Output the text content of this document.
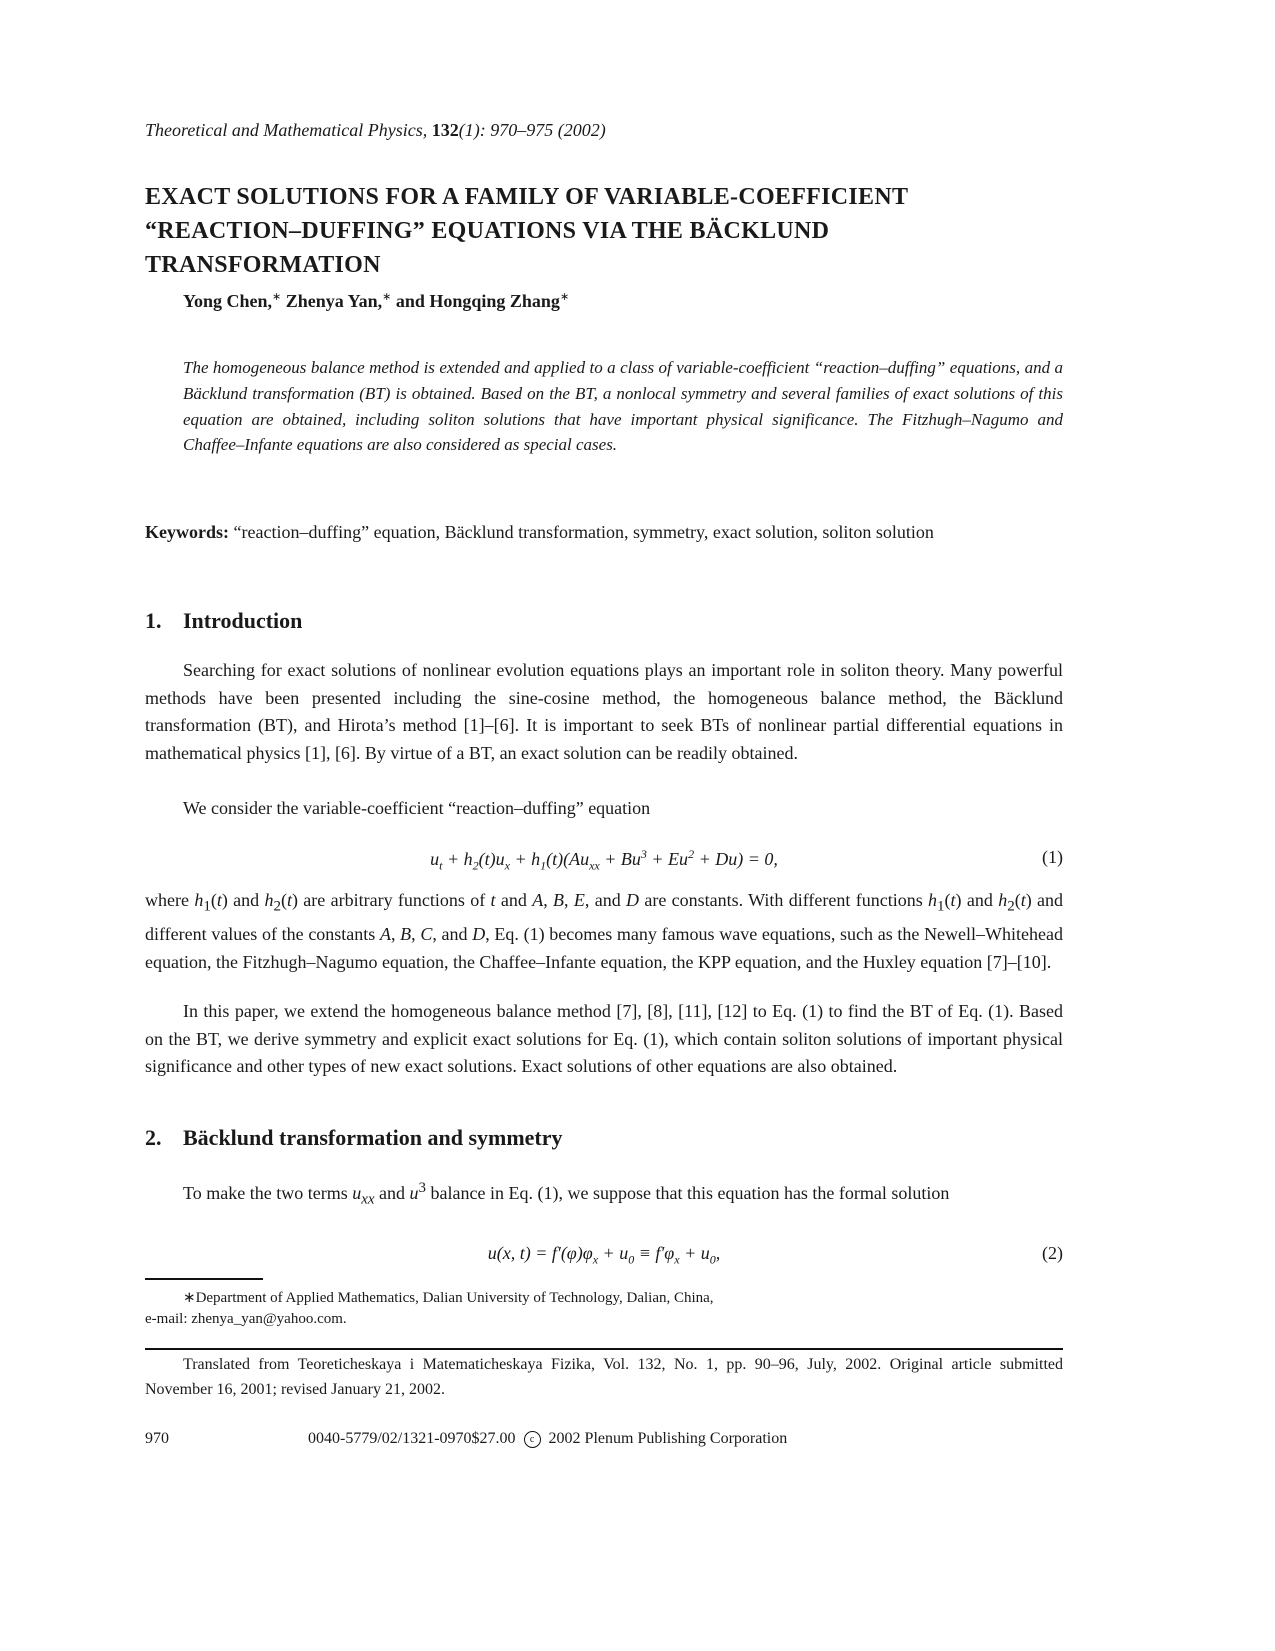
Theoretical and Mathematical Physics, 132(1): 970–975 (2002)
EXACT SOLUTIONS FOR A FAMILY OF VARIABLE-COEFFICIENT
“REACTION–DUFFING” EQUATIONS VIA THE BÄCKLUND
TRANSFORMATION
Yong Chen,∗ Zhenya Yan,∗ and Hongqing Zhang∗
The homogeneous balance method is extended and applied to a class of variable-coefficient “reaction–duffing” equations, and a Bäcklund transformation (BT) is obtained. Based on the BT, a nonlocal symmetry and several families of exact solutions of this equation are obtained, including soliton solutions that have important physical significance. The Fitzhugh–Nagumo and Chaffee–Infante equations are also considered as special cases.
Keywords: “reaction–duffing” equation, Bäcklund transformation, symmetry, exact solution, soliton solution
1. Introduction
Searching for exact solutions of nonlinear evolution equations plays an important role in soliton theory. Many powerful methods have been presented including the sine-cosine method, the homogeneous balance method, the Bäcklund transformation (BT), and Hirota’s method [1]–[6]. It is important to seek BTs of nonlinear partial differential equations in mathematical physics [1], [6]. By virtue of a BT, an exact solution can be readily obtained.
We consider the variable-coefficient “reaction–duffing” equation
$u_t + h_2(t)u_x + h_1(t)(Au_{xx} + Bu^3 + Eu^2 + Du) = 0$,	(1)
where $h_1(t)$ and $h_2(t)$ are arbitrary functions of t and A, B, E, and D are constants. With different functions $h_1(t)$ and $h_2(t)$ and different values of the constants A, B, C, and D, Eq. (1) becomes many famous wave equations, such as the Newell–Whitehead equation, the Fitzhugh–Nagumo equation, the Chaffee–Infante equation, the KPP equation, and the Huxley equation [7]–[10].
In this paper, we extend the homogeneous balance method [7], [8], [11], [12] to Eq. (1) to find the BT of Eq. (1). Based on the BT, we derive symmetry and explicit exact solutions for Eq. (1), which contain soliton solutions of important physical significance and other types of new exact solutions. Exact solutions of other equations are also obtained.
2. Bäcklund transformation and symmetry
To make the two terms $u_{xx}$ and $u^3$ balance in Eq. (1), we suppose that this equation has the formal solution
u(x, $t) = f'(\varphi)\varphi_x + u_0 \equiv f'\varphi_x + u_0$,	(2)
∗Department of Applied Mathematics, Dalian University of Technology, Dalian, China,
e-mail: zhenya_yan@yahoo.com.
Translated from Teoreticheskaya i Matematicheskaya Fizika, Vol. 132, No. 1, pp. 90–96, July, 2002. Original article submitted November 16, 2001; revised January 21, 2002.
970	0040-5779/02/1321-0970$27.00 c 2002 Plenum Publishing Corporation
